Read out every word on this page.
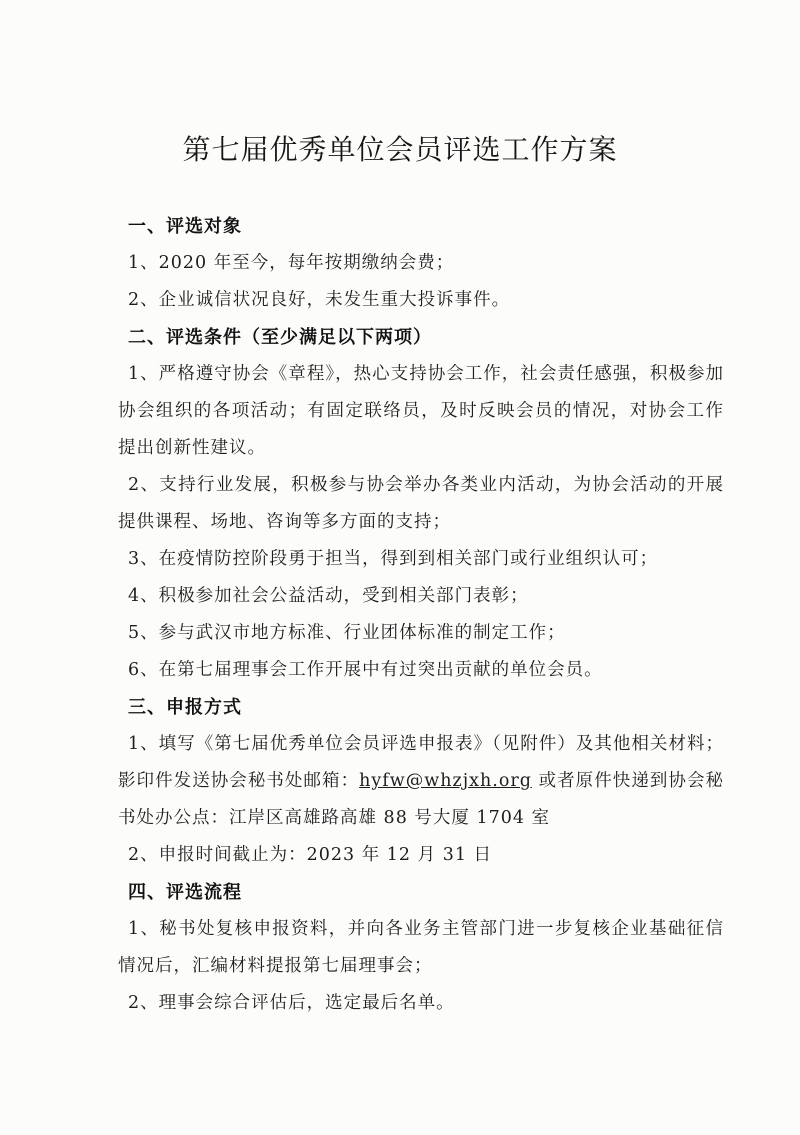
第七届优秀单位会员评选工作方案
一、评选对象
1、2020 年至今，每年按期缴纳会费；
2、企业诚信状况良好，未发生重大投诉事件。
二、评选条件（至少满足以下两项）
1、严格遵守协会《章程》，热心支持协会工作，社会责任感强，积极参加协会组织的各项活动；有固定联络员，及时反映会员的情况，对协会工作提出创新性建议。
2、支持行业发展，积极参与协会举办各类业内活动，为协会活动的开展提供课程、场地、咨询等多方面的支持；
3、在疫情防控阶段勇于担当，得到到相关部门或行业组织认可；
4、积极参加社会公益活动，受到相关部门表彰；
5、参与武汉市地方标准、行业团体标准的制定工作；
6、在第七届理事会工作开展中有过突出贡献的单位会员。
三、申报方式
1、填写《第七届优秀单位会员评选申报表》（见附件）及其他相关材料；影印件发送协会秘书处邮箱：hyfw@whzjxh.org 或者原件快递到协会秘书处办公点：江岸区高雄路高雄 88 号大厦 1704 室
2、申报时间截止为：2023 年 12 月 31 日
四、评选流程
1、秘书处复核申报资料，并向各业务主管部门进一步复核企业基础征信情况后，汇编材料提报第七届理事会；
2、理事会综合评估后，选定最后名单。
